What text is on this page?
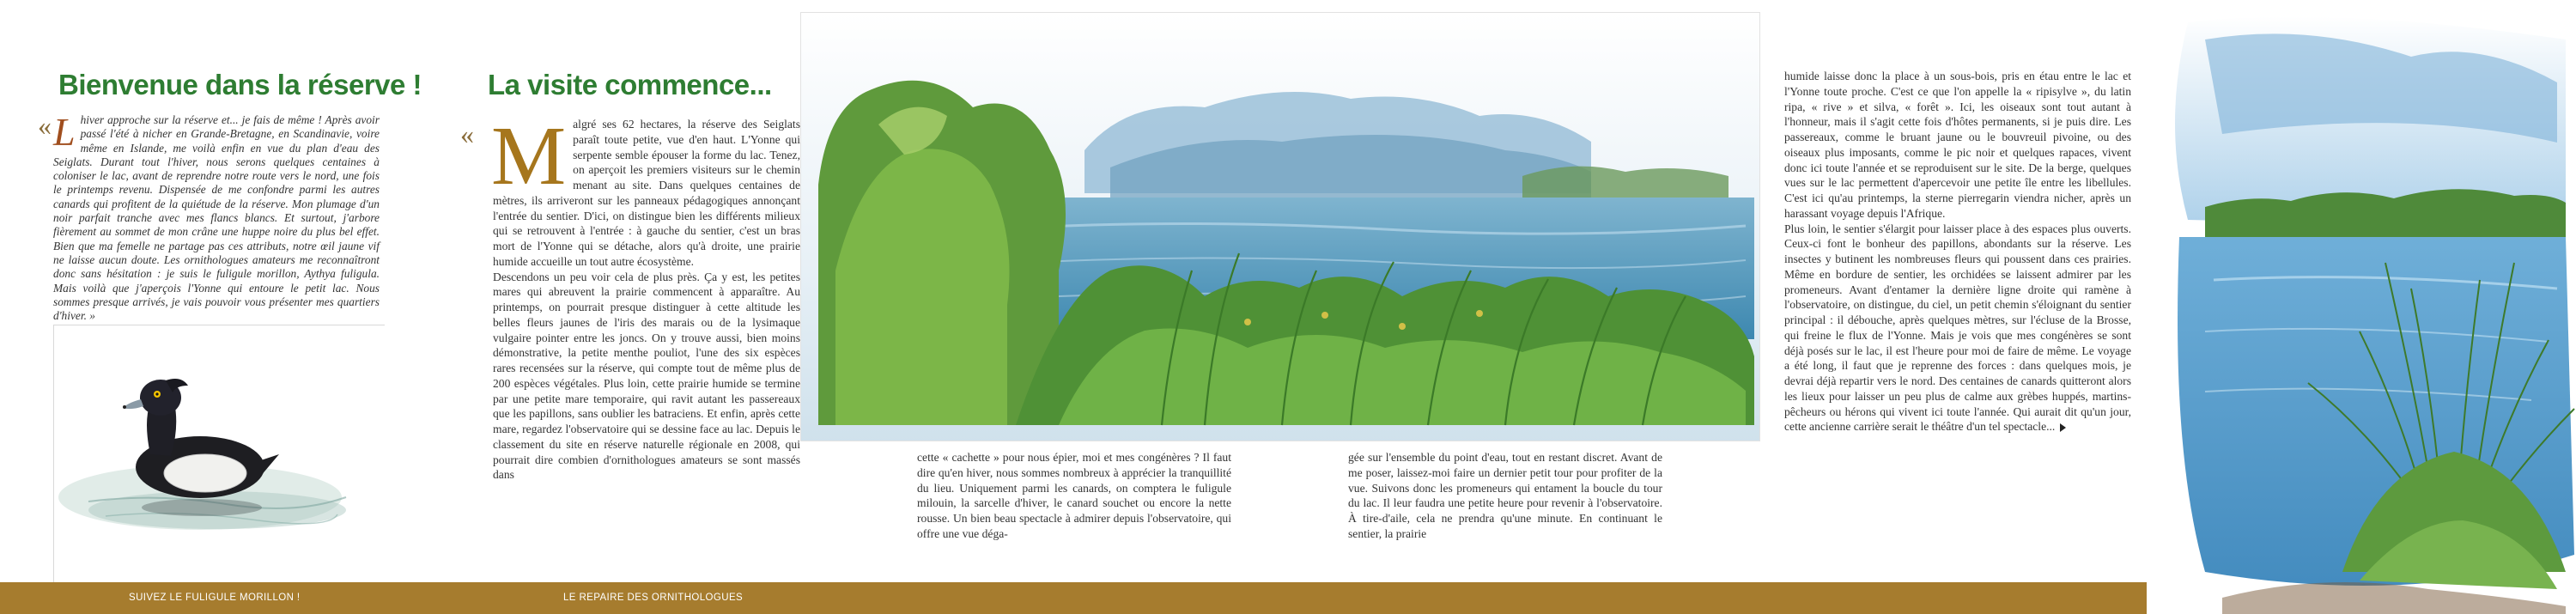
Bienvenue dans la réserve ! La visite commence...
«	«
Lhiver approche sur la réserve et... je fais de même ! Après avoir passé l'été à nicher en Grande-Bretagne, en Scandinavie, voire même en Islande, me voilà enfin en vue du plan d'eau des Seiglats. Durant tout l'hiver, nous serons quelques centaines à coloniser le lac, avant de reprendre notre route vers le nord, une fois le printemps revenu. Dispensée de me confondre parmi les autres canards qui profitent de la quiétude de la réserve. Mon plumage d'un noir parfait tranche avec mes flancs blancs. Et surtout, j'arbore fièrement au sommet de mon crâne une huppe noire du plus bel effet. Bien que ma femelle ne partage pas ces attributs, notre œil jaune vif ne laisse aucun doute. Les ornithologues amateurs me reconnaîtront donc sans hésitation : je suis le fuligule morillon, Aythya fuligula. Mais voilà que j'aperçois l'Yonne qui entoure le petit lac. Nous sommes presque arrivés, je vais pouvoir vous présenter mes quartiers d'hiver. »
M algré ses 62 hectares, la réserve des Seiglats paraît toute petite, vue d'en haut. L'Yonne qui serpente semble épouser la forme du lac. Tenez, on aperçoit les premiers visiteurs sur le chemin menant au site. Dans quelques centaines de mètres, ils arriveront sur les panneaux pédagogiques annonçant l'entrée du sentier. D'ici, on distingue bien les différents milieux qui se retrouvent à l'entrée : à gauche du sentier, c'est un bras mort de l'Yonne qui se détache, alors qu'à droite, une prairie humide accueille un tout autre écosystème.

Descendons un peu voir cela de plus près. Ça y est, les petites mares qui abreuvent la prairie commencent à apparaître. Au printemps, on pourrait presque distinguer à cette altitude les belles fleurs jaunes de l'iris des marais ou de la lysimaque vulgaire pointer entre les joncs. On y trouve aussi, bien moins démonstrative, la petite menthe pouliot, l'une des six espèces rares recensées sur la réserve, qui compte tout de même plus de 200 espèces végétales. Plus loin, cette prairie humide se termine par une petite mare temporaire, qui ravit autant les passereaux que les papillons, sans oublier les batraciens. Et enfin, après cette mare, regardez l'observatoire qui se dessine face au lac. Depuis le classement du site en réserve naturelle régionale en 2008, qui pourrait dire combien d'ornithologues amateurs se sont massés dans

cette « cachette » pour nous épier, moi et mes congénères ? Il faut dire qu'en hiver, nous sommes nombreux à apprécier la tranquillité du lieu. Uniquement parmi les canards, on comptera le fuligule milouin, la sarcelle d'hiver, le canard souchet ou encore la nette rousse. Un bien beau spectacle à admirer depuis l'observatoire, qui offre une vue déga-

gée sur l'ensemble du point d'eau, tout en restant discret. Avant de me poser, laissez-moi faire un dernier petit tour pour profiter de la vue. Suivons donc les promeneurs qui entament la boucle du tour du lac. Il leur faudra une petite heure pour revenir à l'observatoire. À tire-d'aile, cela ne prendra qu'une minute. En continuant le sentier, la prairie

humide laisse donc la place à un sous-bois, pris en étau entre le lac et l'Yonne toute proche. C'est ce que l'on appelle la « ripisylve », du latin ripa, « rive » et silva, « forêt ». Ici, les oiseaux sont tout autant à l'honneur, mais il s'agit cette fois d'hôtes permanents, si je puis dire. Les passereaux, comme le bruant jaune ou le bouvreuil pivoine, ou des oiseaux plus imposants, comme le pic noir et quelques rapaces, vivent donc ici toute l'année et se reproduisent sur le site. De la berge, quelques vues sur le lac permettent d'apercevoir une petite île entre les libellules. C'est ici qu'au printemps, la sterne pierregarin viendra nicher, après un harassant voyage depuis l'Afrique.

Plus loin, le sentier s'élargit pour laisser place à des espaces plus ouverts. Ceux-ci font le bonheur des papillons, abondants sur la réserve. Les insectes y butinent les nombreuses fleurs qui poussent dans ces prairies. Même en bordure de sentier, les orchidées se laissent admirer par les promeneurs. Avant d'entamer la dernière ligne droite qui ramène à l'observatoire, on distingue, du ciel, un petit chemin s'éloignant du sentier principal : il débouche, après quelques mètres, sur l'écluse de la Brosse, qui freine le flux de l'Yonne. Mais je vois que mes congénères se sont déjà posés sur le lac, il est l'heure pour moi de faire de même. Le voyage a été long, il faut que je reprenne des forces : dans quelques mois, je devrai déjà repartir vers le nord. Des centaines de canards quitteront alors les lieux pour laisser un peu plus de calme aux grèbes huppés, martins-pêcheurs ou hérons qui vivent ici toute l'année. Qui aurait dit qu'un jour, cette ancienne carrière serait le théâtre d'un tel spectacle...

SUIVEZ LE FULIGULE MORILLON !	LE REPAIRE DES ORNITHOLOGUES
